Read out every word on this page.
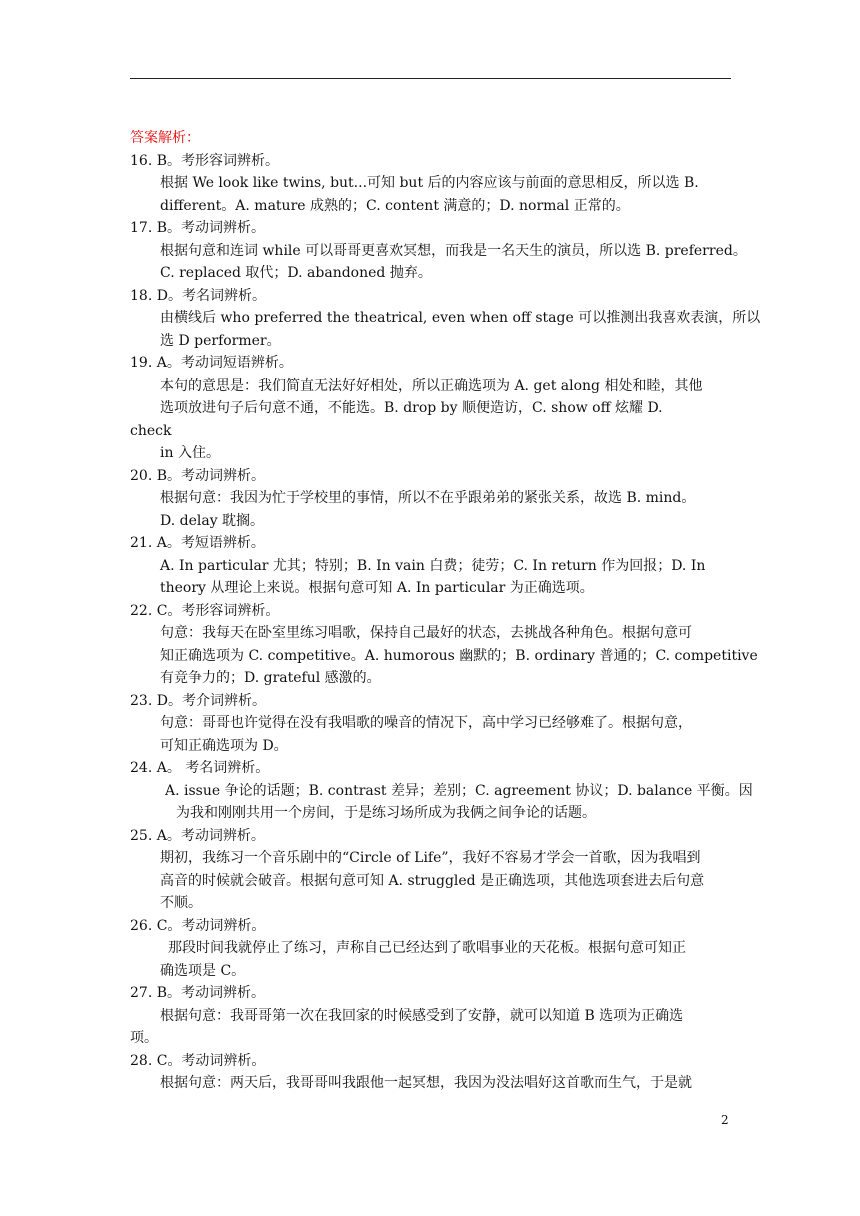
答案解析：
16. B。考形容词辨析。
根据 We look like twins, but...可知 but 后的内容应该与前面的意思相反，所以选 B.
different。A. mature 成熟的；C. content 满意的；D. normal 正常的。
17. B。考动词辨析。
根据句意和连词 while 可以哥哥更喜欢冥想，而我是一名天生的演员，所以选 B. preferred。
C. replaced 取代；D. abandoned 抛弃。
18. D。考名词辨析。
由横线后 who preferred the theatrical, even when off stage 可以推测出我喜欢表演，所以
选 D performer。
19. A。考动词短语辨析。
本句的意思是：我们简直无法好好相处，所以正确选项为 A. get along 相处和睦，其他
选项放进句子后句意不通，不能选。B. drop by 顺便造访，C. show off 炫耀 D.
check
in 入住。
20. B。考动词辨析。
根据句意：我因为忙于学校里的事情，所以不在乎跟弟弟的紧张关系，故选 B. mind。
D. delay 耽搁。
21. A。考短语辨析。
A. In particular 尤其；特别；B. In vain 白费；徒劳；C. In return 作为回报；D. In
theory 从理论上来说。根据句意可知 A. In particular 为正确选项。
22. C。考形容词辨析。
句意：我每天在卧室里练习唱歌，保持自己最好的状态，去挑战各种角色。根据句意可
知正确选项为 C. competitive。A. humorous 幽默的；B. ordinary 普通的；C. competitive
有竞争力的；D. grateful 感激的。
23. D。考介词辨析。
句意：哥哥也许觉得在没有我唱歌的噪音的情况下，高中学习已经够难了。根据句意，
可知正确选项为 D。
24. A。 考名词辨析。
A. issue 争论的话题；B. contrast 差异；差别；C. agreement 协议；D. balance 平衡。因
为我和刚刚共用一个房间，于是练习场所成为我俩之间争论的话题。
25. A。考动词辨析。
期初，我练习一个音乐剧中的“Circle of Life”，我好不容易才学会一首歌，因为我唱到
高音的时候就会破音。根据句意可知 A. struggled 是正确选项，其他选项套进去后句意
不顺。
26. C。考动词辨析。
那段时间我就停止了练习，声称自己已经达到了歌唱事业的天花板。根据句意可知正
确选项是 C。
27. B。考动词辨析。
根据句意：我哥哥第一次在我回家的时候感受到了安静，就可以知道 B 选项为正确选
项。
28. C。考动词辨析。
根据句意：两天后，我哥哥叫我跟他一起冥想，我因为没法唱好这首歌而生气，于是就
2
